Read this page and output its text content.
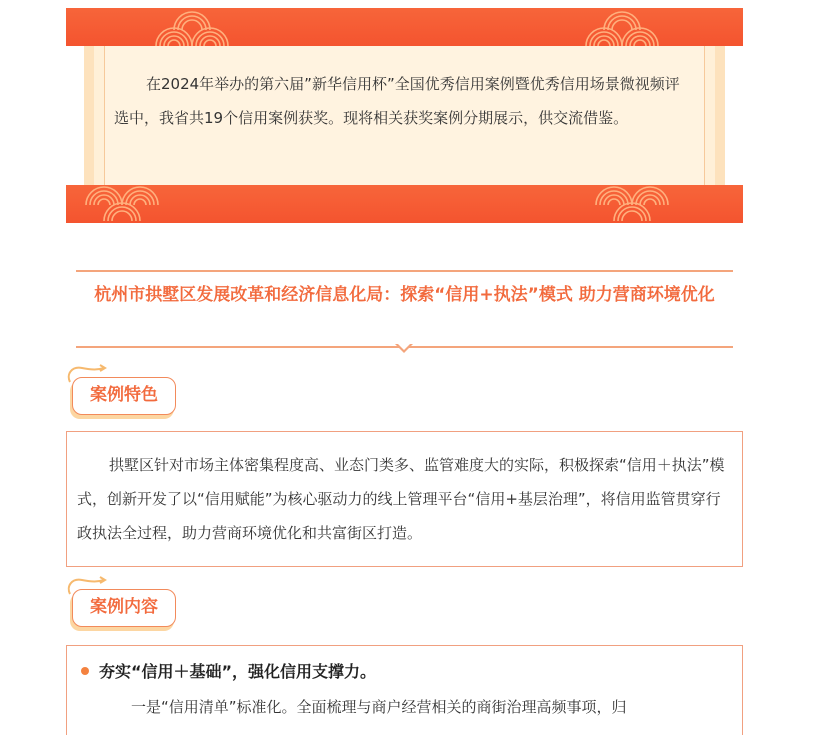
在2024年举办的第六届”新华信用杯”全国优秀信用案例暨优秀信用场景微视频评选中，我省共19个信用案例获奖。现将相关获奖案例分期展示，供交流借鉴。

杭州市拱墅区发展改革和经济信息化局：探索“信用+执法”模式 助力营商环境优化
案例特色

拱墅区针对市场主体密集程度高、业态门类多、监管难度大的实际，积极探索“信用＋执法”模式，创新开发了以“信用赋能”为核心驱动力的线上管理平台“信用+基层治理”，将信用监管贯穿行政执法全过程，助力营商环境优化和共富街区打造。

案例内容

夯实“信用＋基础”，强化信用支撑力。

一是“信用清单”标准化。全面梳理与商户经营相关的商街治理高频事项，归
